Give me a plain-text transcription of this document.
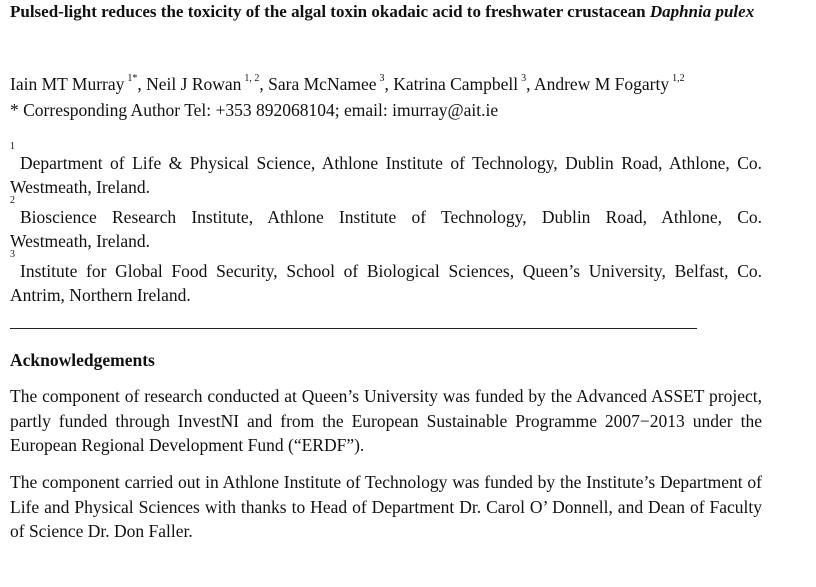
Pulsed-light reduces the toxicity of the algal toxin okadaic acid to freshwater crustacean Daphnia pulex

Iain MT Murray $^{1*}$, Neil J Rowan $^{1, 2}$, Sara McNamee $^3$, Katrina Campbell $^3$, Andrew M Fogarty $^{1,2}$
* Corresponding Author Tel: +353 892068104; email: imurray@ait.ie
1
Department of Life & Physical Science, Athlone Institute of Technology, Dublin Road, Athlone, Co.
Westmeath, Ireland.
2
Bioscience Research Institute, Athlone Institute of Technology, Dublin Road, Athlone, Co.
Westmeath, Ireland.
3
Institute for Global Food Security, School of Biological Sciences, Queen’s University, Belfast, Co.
Antrim, Northern Ireland.
Acknowledgements

The component of research conducted at Queen’s University was funded by the Advanced ASSET project, partly funded through InvestNI and from the European Sustainable Programme 2007−2013 under the European Regional Development Fund (“ERDF”).

The component carried out in Athlone Institute of Technology was funded by the Institute’s Department of Life and Physical Sciences with thanks to Head of Department Dr. Carol O’ Donnell, and Dean of Faculty of Science Dr. Don Faller.
